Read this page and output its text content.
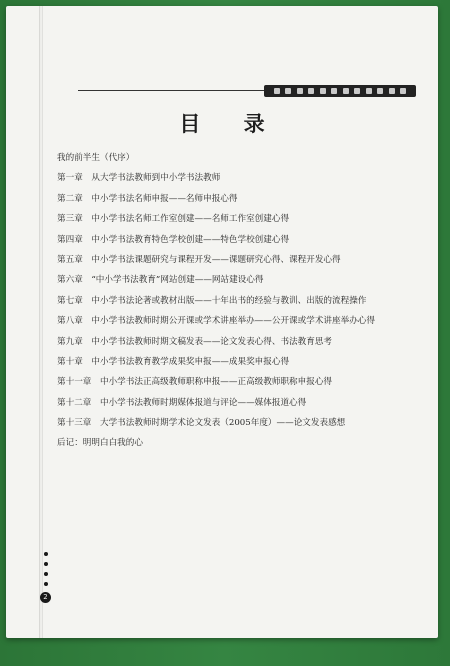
目 录
我的前半生（代序）
第一章　从大学书法教师到中小学书法教师
第二章　中小学书法名师申报——名师申报心得
第三章　中小学书法名师工作室创建——名师工作室创建心得
第四章　中小学书法教育特色学校创建——特色学校创建心得
第五章　中小学书法课题研究与课程开发——课题研究心得、课程开发心得
第六章　“中小学书法教育”网站创建——网站建设心得
第七章　中小学书法论著或教材出版——十年出书的经验与教训、出版的流程操作
第八章　中小学书法教师时期公开课或学术讲座举办——公开课或学术讲座举办心得
第九章　中小学书法教师时期文稿发表——论文发表心得、书法教育思考
第十章　中小学书法教育教学成果奖申报——成果奖申报心得
第十一章　中小学书法正高级教师职称申报——正高级教师职称申报心得
第十二章　中小学书法教师时期媒体报道与评论——媒体报道心得
第十三章　大学书法教师时期学术论文发表（2005年度）——论文发表感想
后记：明明白白我的心
2
